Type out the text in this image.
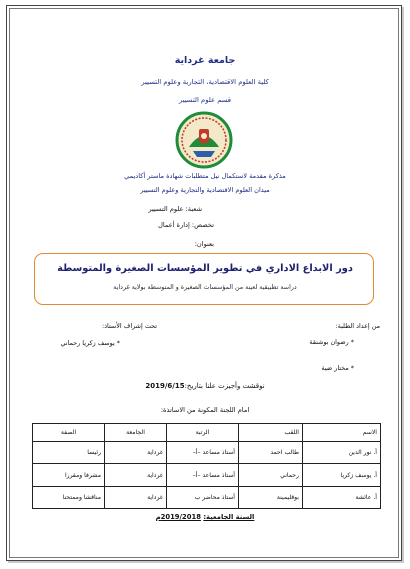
جامعة غرداية
كلية العلوم الاقتصادية، التجارية وعلوم التسيير
قسم علوم التسيير
مذكرة مقدمة لاستكمال نيل متطلبات شهادة ماستر أكاديمي
ميدان العلوم الاقتصادية والتجارية وعلوم التسيير
شعبة: علوم التسيير
تخصص: إدارة أعمال
بعنوان:
دور الابداع الاداري في تطوير المؤسسات الصغيرة والمتوسطة
دراسة تطبيقية لعينة من المؤسسات الصغيرة و المتوسطة بولاية غرداية
من إعداد الطلبة:
تحت إشراف الأستاذ:
* رضوان بوشنقة
* مختار ضية
* يوسف زكريا رحماني
نوقشت وأجيزت علنا بتاريخ:2019/6/15
امام اللجنة المكونة من الاساتذة:
الاسم	اللقب	الرتبة	الجامعة	الصفة
أ. نور الدين	طالب احمد	أستاذ مساعد –أ–	غرداية	رئيسا
أ. يوسف زكريا	رحماني	أستاذ مساعد –أ–	غرداية	مشرفا ومقررا
أ. عائشة	بوقليمينة	أستاذ محاضر ب	غرداية	مناقشا وممتحنا
السنة الجامعية: 2019/2018م
